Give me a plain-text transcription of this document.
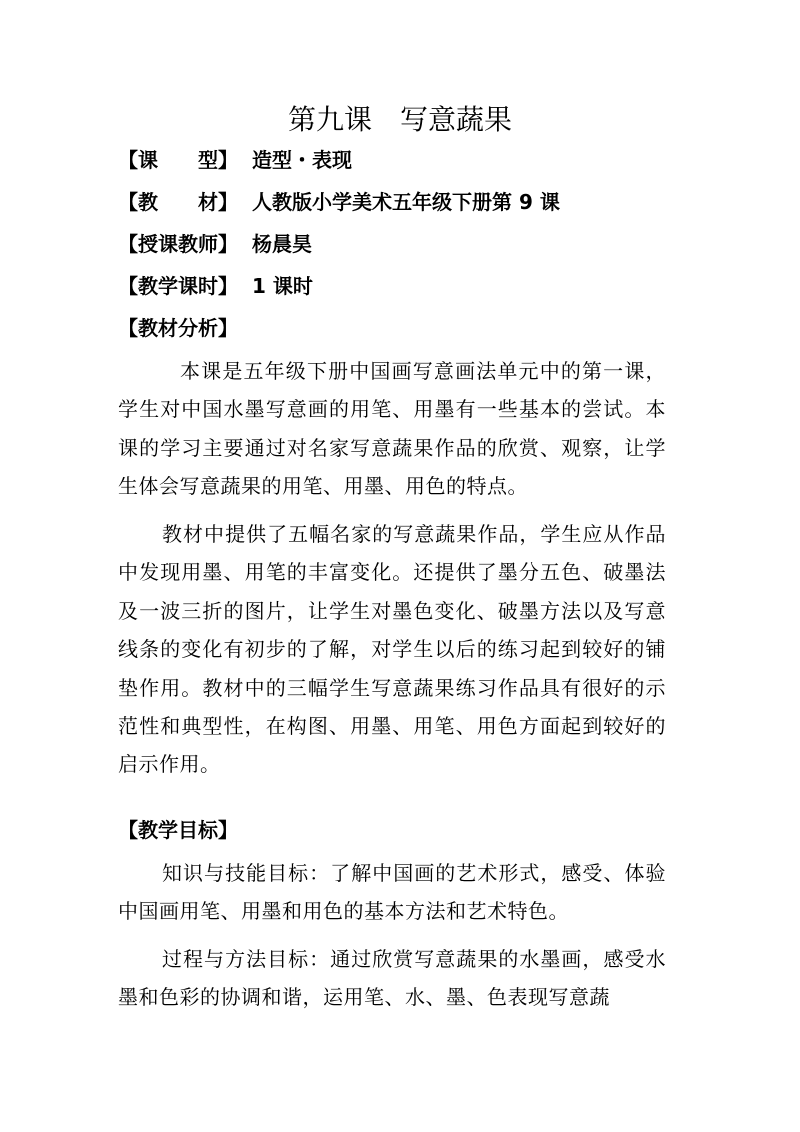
第九课　写意蔬果
【课　　型】 造型・表现
【教　　材】 人教版小学美术五年级下册第 9 课
【授课教师】 杨晨昊
【教学课时】 1 课时
【教材分析】

本课是五年级下册中国画写意画法单元中的第一课，学生对中国水墨写意画的用笔、用墨有一些基本的尝试。本课的学习主要通过对名家写意蔬果作品的欣赏、观察，让学生体会写意蔬果的用笔、用墨、用色的特点。

教材中提供了五幅名家的写意蔬果作品，学生应从作品中发现用墨、用笔的丰富变化。还提供了墨分五色、破墨法及一波三折的图片，让学生对墨色变化、破墨方法以及写意线条的变化有初步的了解，对学生以后的练习起到较好的铺垫作用。教材中的三幅学生写意蔬果练习作品具有很好的示范性和典型性，在构图、用墨、用笔、用色方面起到较好的启示作用。

【教学目标】

知识与技能目标：了解中国画的艺术形式，感受、体验中国画用笔、用墨和用色的基本方法和艺术特色。

过程与方法目标：通过欣赏写意蔬果的水墨画，感受水墨和色彩的协调和谐，运用笔、水、墨、色表现写意蔬
